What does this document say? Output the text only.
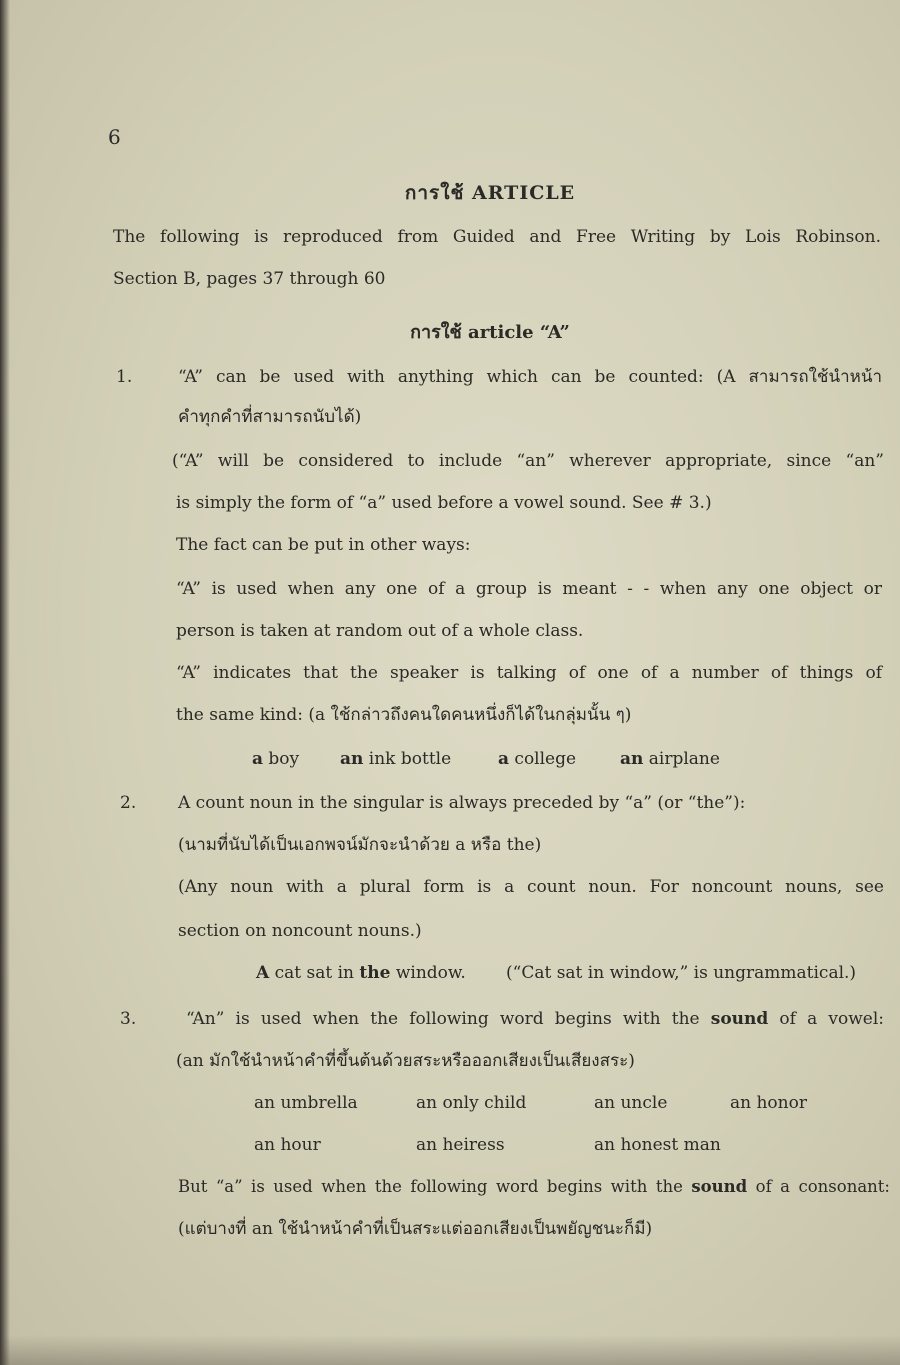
6
การใช้ ARTICLE
The following is reproduced from Guided and Free Writing by Lois Robinson.
Section B, pages 37 through 60
การใช้ article “A”
1.	“A” can be used with anything which can be counted: (A สามารถใช้นำหน้า
คำทุกคำที่สามารถนับได้)
(“A” will be considered to include “an” wherever appropriate, since “an”
is simply the form of “a” used before a vowel sound. See # 3.)
The fact can be put in other ways:
“A” is used when any one of a group is meant - - when any one object or
person is taken at random out of a whole class.
“A” indicates that the speaker is talking of one of a number of things of
the same kind: (a ใช้กล่าวถึงคนใดคนหนึ่งก็ได้ในกลุ่มนั้น ๆ)
a boy an ink bottle	a college	an airplane
2. A count noun in the singular is always preceded by “a” (or “the”):
(นามที่นับได้เป็นเอกพจน์มักจะนำด้วย a หรือ the)
(Any noun with a plural form is a count noun. For noncount nouns, see
section on noncount nouns.)
A cat sat in the window. (“Cat sat in window,” is ungrammatical.)
3.	“An” is used when the following word begins with the sound of a vowel:
(an มักใช้นำหน้าคำที่ขึ้นต้นด้วยสระหรือออกเสียงเป็นเสียงสระ)
an umbrella	an only child	an uncle	an honor
an hour	an heiress	an honest man
But “a” is used when the following word begins with the sound of a consonant:
(แต่บางที่ an ใช้นำหน้าคำที่เป็นสระแต่ออกเสียงเป็นพยัญชนะก็มี)
